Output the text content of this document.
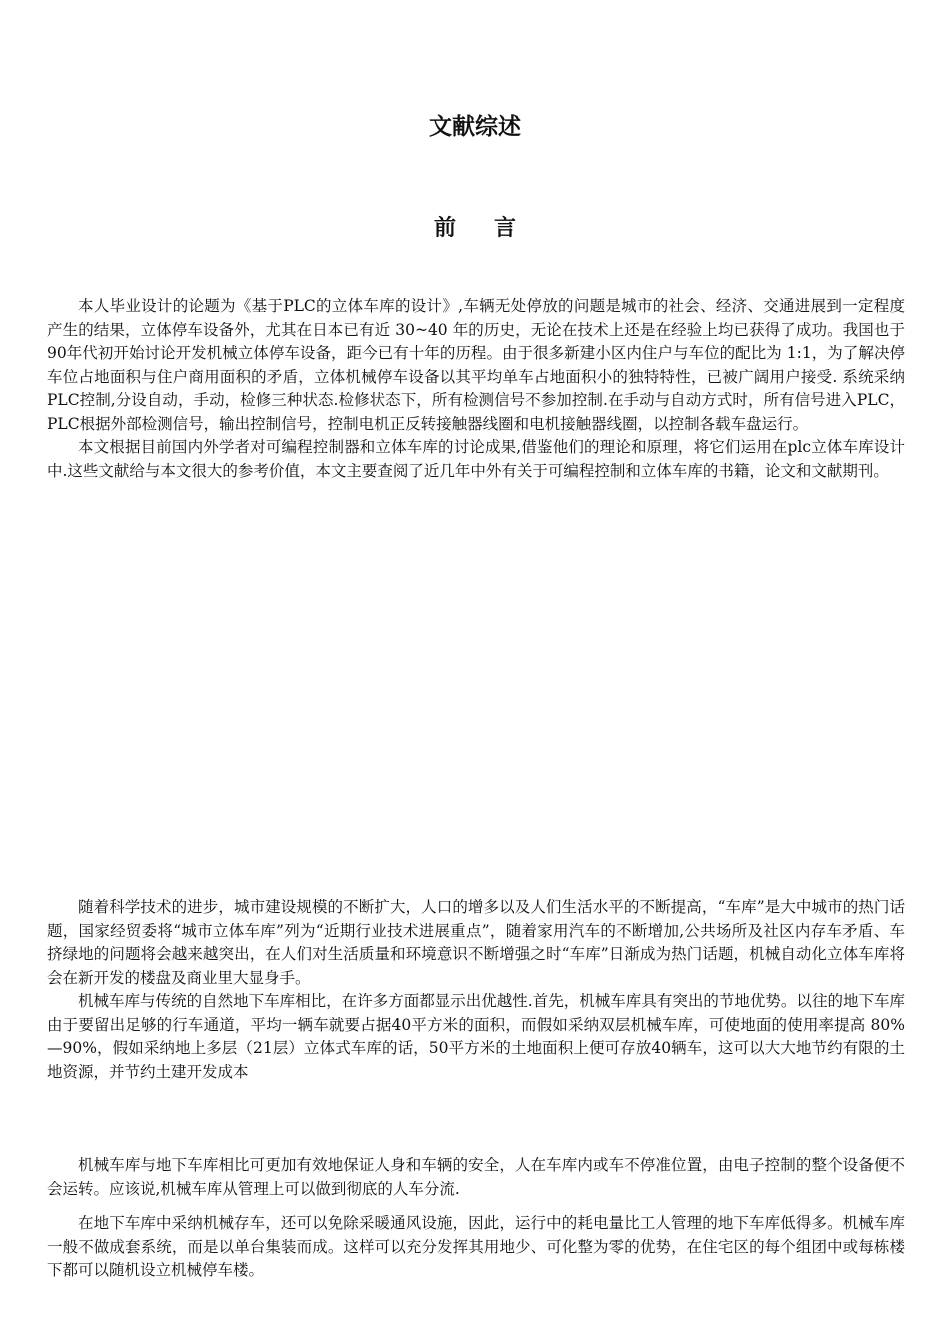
文献综述
前言

本人毕业设计的论题为《基于PLC的立体车库的设计》,车辆无处停放的问题是城市的社会、经济、交通进展到一定程度产生的结果，立体停车设备外，尤其在日本已有近 30~40 年的历史，无论在技术上还是在经验上均已获得了成功。我国也于90年代初开始讨论开发机械立体停车设备，距今已有十年的历程。由于很多新建小区内住户与车位的配比为 1:1，为了解决停车位占地面积与住户商用面积的矛盾，立体机械停车设备以其平均单车占地面积小的独特特性，已被广阔用户接受. 系统采纳PLC控制,分设自动，手动，检修三种状态.检修状态下，所有检测信号不参加控制.在手动与自动方式时，所有信号进入PLC，PLC根据外部检测信号，输出控制信号，控制电机正反转接触器线圈和电机接触器线圈，以控制各载车盘运行。

本文根据目前国内外学者对可编程控制器和立体车库的讨论成果,借鉴他们的理论和原理，将它们运用在plc立体车库设计中.这些文献给与本文很大的参考价值，本文主要查阅了近几年中外有关于可编程控制和立体车库的书籍，论文和文献期刊。

随着科学技术的进步，城市建设规模的不断扩大，人口的增多以及人们生活水平的不断提高，“车库”是大中城市的热门话题，国家经贸委将“城市立体车库”列为“近期行业技术进展重点”，随着家用汽车的不断增加,公共场所及社区内存车矛盾、车挤绿地的问题将会越来越突出，在人们对生活质量和环境意识不断增强之时“车库”日渐成为热门话题，机械自动化立体车库将会在新开发的楼盘及商业里大显身手。

机械车库与传统的自然地下车库相比，在许多方面都显示出优越性.首先，机械车库具有突出的节地优势。以往的地下车库由于要留出足够的行车通道，平均一辆车就要占据40平方米的面积，而假如采纳双层机械车库，可使地面的使用率提高 80%—90%，假如采纳地上多层（21层）立体式车库的话，50平方米的土地面积上便可存放40辆车，这可以大大地节约有限的土地资源，并节约土建开发成本

机械车库与地下车库相比可更加有效地保证人身和车辆的安全，人在车库内或车不停准位置，由电子控制的整个设备便不会运转。应该说,机械车库从管理上可以做到彻底的人车分流.

在地下车库中采纳机械存车，还可以免除采暖通风设施，因此，运行中的耗电量比工人管理的地下车库低得多。机械车库一般不做成套系统，而是以单台集装而成。这样可以充分发挥其用地少、可化整为零的优势，在住宅区的每个组团中或每栋楼下都可以随机设立机械停车楼。
